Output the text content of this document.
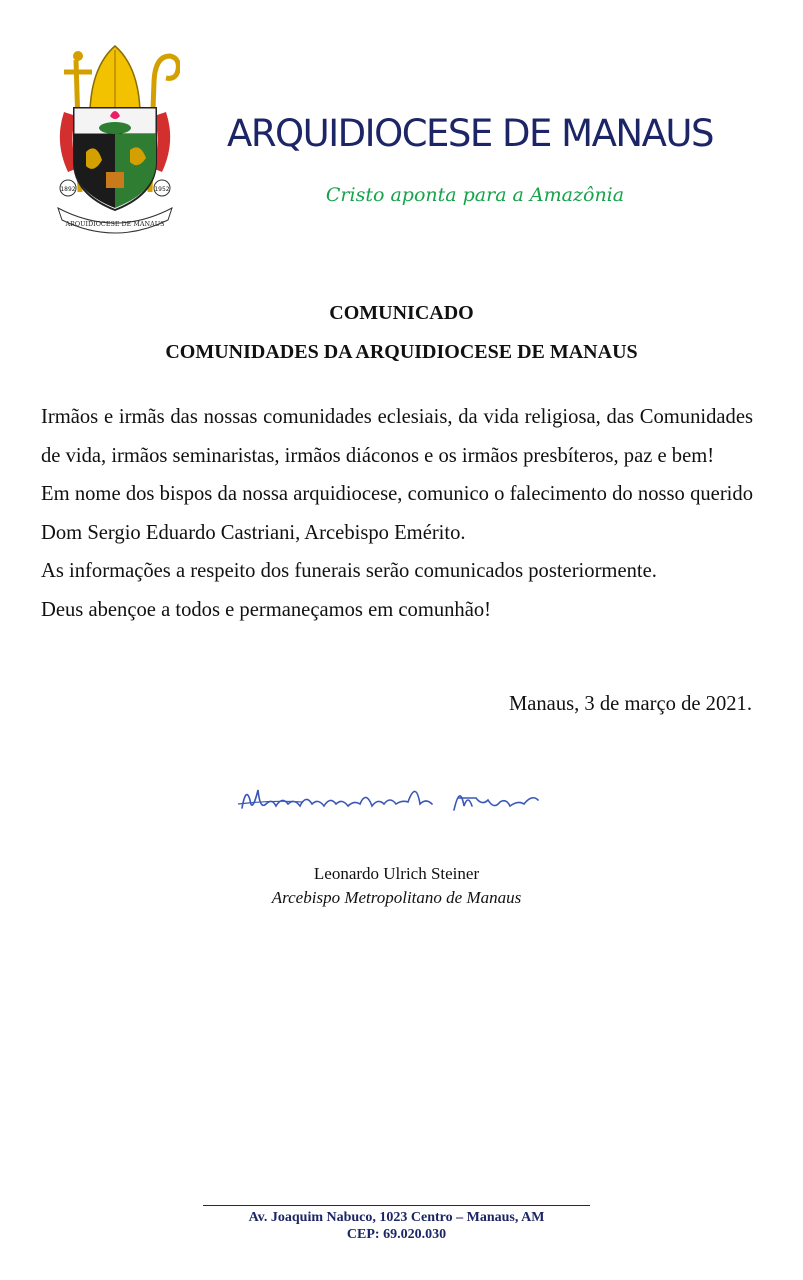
1892	1952
ARQUIDIOCESE DE MANAUS
ARQUIDIOCESE DE MANAUS
Cristo aponta para a Amazônia
COMUNICADO
COMUNIDADES DA ARQUIDIOCESE DE MANAUS

Irmãos e irmãs das nossas comunidades eclesiais, da vida religiosa, das Comunidades de vida, irmãos seminaristas, irmãos diáconos e os irmãos presbíteros, paz e bem!

Em nome dos bispos da nossa arquidiocese, comunico o falecimento do nosso querido Dom Sergio Eduardo Castriani, Arcebispo Emérito.

As informações a respeito dos funerais serão comunicados posteriormente.

Deus abençoe a todos e permaneçamos em comunhão!

Manaus, 3 de março de 2021.
Leonardo Ulrich Steiner
Arcebispo Metropolitano de Manaus
Av. Joaquim Nabuco, 1023 Centro – Manaus, AM
CEP: 69.020.030
